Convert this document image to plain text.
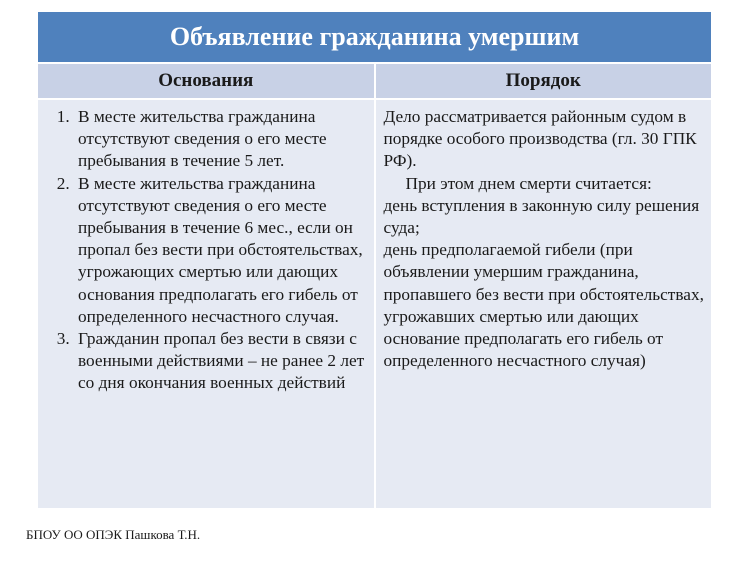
Объявление гражданина умершим
Основания	Порядок
1. В месте жительства гражданина отсутствуют сведения о его месте пребывания в течение 5 лет.
2. В месте жительства гражданина отсутствуют сведения о его месте пребывания в течение 6 мес., если он пропал без вести при обстоятельствах, угрожающих смертью или дающих основания предполагать его гибель от определенного несчастного случая.
3. Гражданин пропал без вести в связи с военными действиями – не ранее 2 лет со дня окончания военных действий

Дело рассматривается районным судом в порядке особого производства (гл. 30 ГПК РФ).

При этом днем смерти считается:

день вступления в законную силу решения суда;

день предполагаемой гибели (при объявлении умершим гражданина, пропавшего без вести при обстоятельствах, угрожавших смертью или дающих основание предполагать его гибель от определенного несчастного случая)

БПОУ ОО ОПЭК Пашкова Т.Н.
